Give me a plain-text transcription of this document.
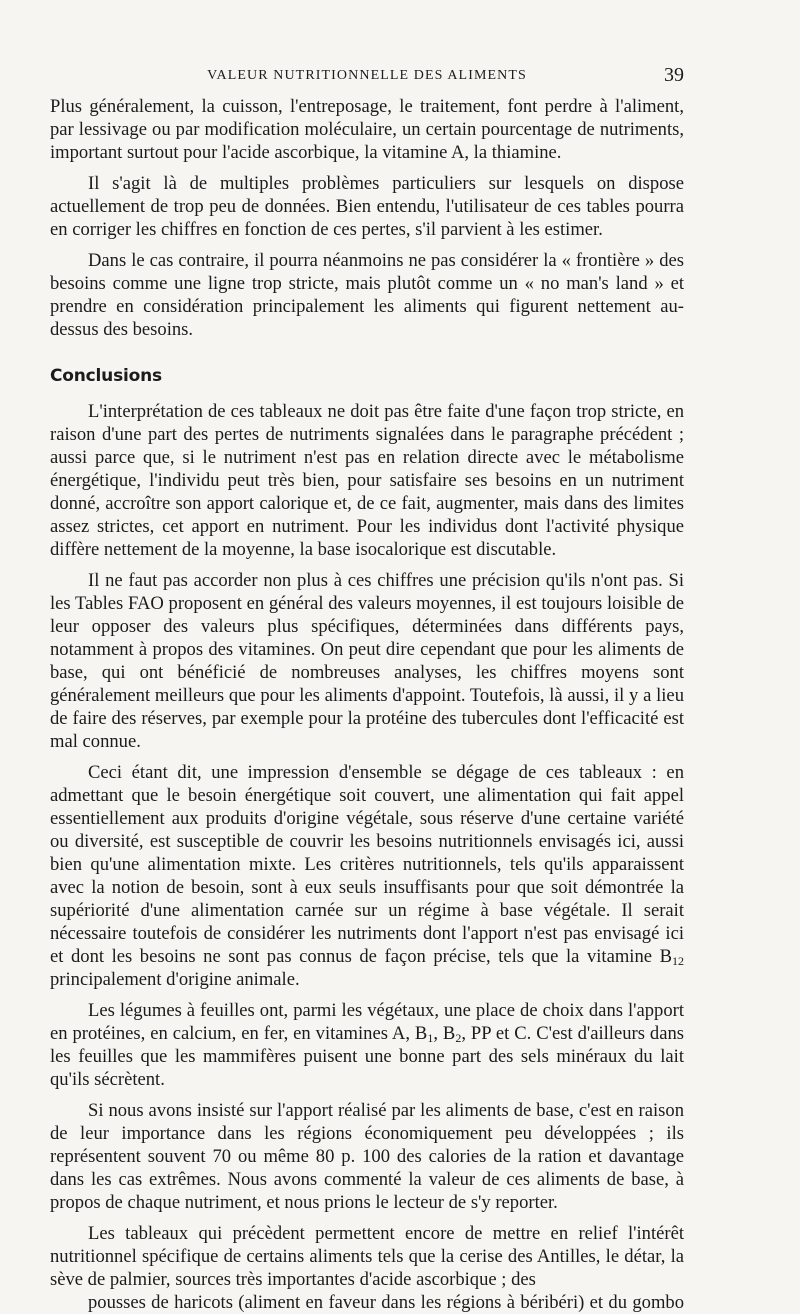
VALEUR NUTRITIONNELLE DES ALIMENTS	39

Plus généralement, la cuisson, l'entreposage, le traitement, font perdre à l'aliment, par lessivage ou par modification moléculaire, un certain pourcentage de nutriments, important surtout pour l'acide ascorbique, la vitamine A, la thiamine.

Il s'agit là de multiples problèmes particuliers sur lesquels on dispose actuellement de trop peu de données. Bien entendu, l'utilisateur de ces tables pourra en corriger les chiffres en fonction de ces pertes, s'il parvient à les estimer.

Dans le cas contraire, il pourra néanmoins ne pas considérer la « frontière » des besoins comme une ligne trop stricte, mais plutôt comme un « no man's land » et prendre en considération principalement les aliments qui figurent nettement au-dessus des besoins.

Conclusions

L'interprétation de ces tableaux ne doit pas être faite d'une façon trop stricte, en raison d'une part des pertes de nutriments signalées dans le paragraphe précédent ; aussi parce que, si le nutriment n'est pas en relation directe avec le métabolisme énergétique, l'individu peut très bien, pour satisfaire ses besoins en un nutriment donné, accroître son apport calorique et, de ce fait, augmenter, mais dans des limites assez strictes, cet apport en nutriment. Pour les individus dont l'activité physique diffère nettement de la moyenne, la base isocalorique est discutable.

Il ne faut pas accorder non plus à ces chiffres une précision qu'ils n'ont pas. Si les Tables FAO proposent en général des valeurs moyennes, il est toujours loisible de leur opposer des valeurs plus spécifiques, déterminées dans différents pays, notamment à propos des vitamines. On peut dire cependant que pour les aliments de base, qui ont bénéficié de nombreuses analyses, les chiffres moyens sont généralement meilleurs que pour les aliments d'appoint. Toutefois, là aussi, il y a lieu de faire des réserves, par exemple pour la protéine des tubercules dont l'efficacité est mal connue.

Ceci étant dit, une impression d'ensemble se dégage de ces tableaux : en admettant que le besoin énergétique soit couvert, une alimentation qui fait appel essentiellement aux produits d'origine végétale, sous réserve d'une certaine variété ou diversité, est susceptible de couvrir les besoins nutritionnels envisagés ici, aussi bien qu'une alimentation mixte. Les critères nutritionnels, tels qu'ils apparaissent avec la notion de besoin, sont à eux seuls insuffisants pour que soit démontrée la supériorité d'une alimentation carnée sur un régime à base végétale. Il serait nécessaire toutefois de considérer les nutriments dont l'apport n'est pas envisagé ici et dont les besoins ne sont pas connus de façon précise, tels que la vitamine $B_{12}$ principalement d'origine animale.

Les légumes à feuilles ont, parmi les végétaux, une place de choix dans l'apport en protéines, en calcium, en fer, en vitamines A, $B_1$, $B_2$, PP et C. C'est d'ailleurs dans les feuilles que les mammifères puisent une bonne part des sels minéraux du lait qu'ils sécrètent.

Si nous avons insisté sur l'apport réalisé par les aliments de base, c'est en raison de leur importance dans les régions économiquement peu développées ; ils représentent souvent 70 ou même 80 p. 100 des calories de la ration et davantage dans les cas extrêmes. Nous avons commenté la valeur de ces aliments de base, à propos de chaque nutriment, et nous prions le lecteur de s'y reporter.

Les tableaux qui précèdent permettent encore de mettre en relief l'intérêt nutritionnel spécifique de certains aliments tels que la cerise des Antilles, le détar, la sève de palmier, sources très importantes d'acide ascorbique ; des
pousses de haricots (aliment en faveur dans les régions à béribéri) et du gombo
